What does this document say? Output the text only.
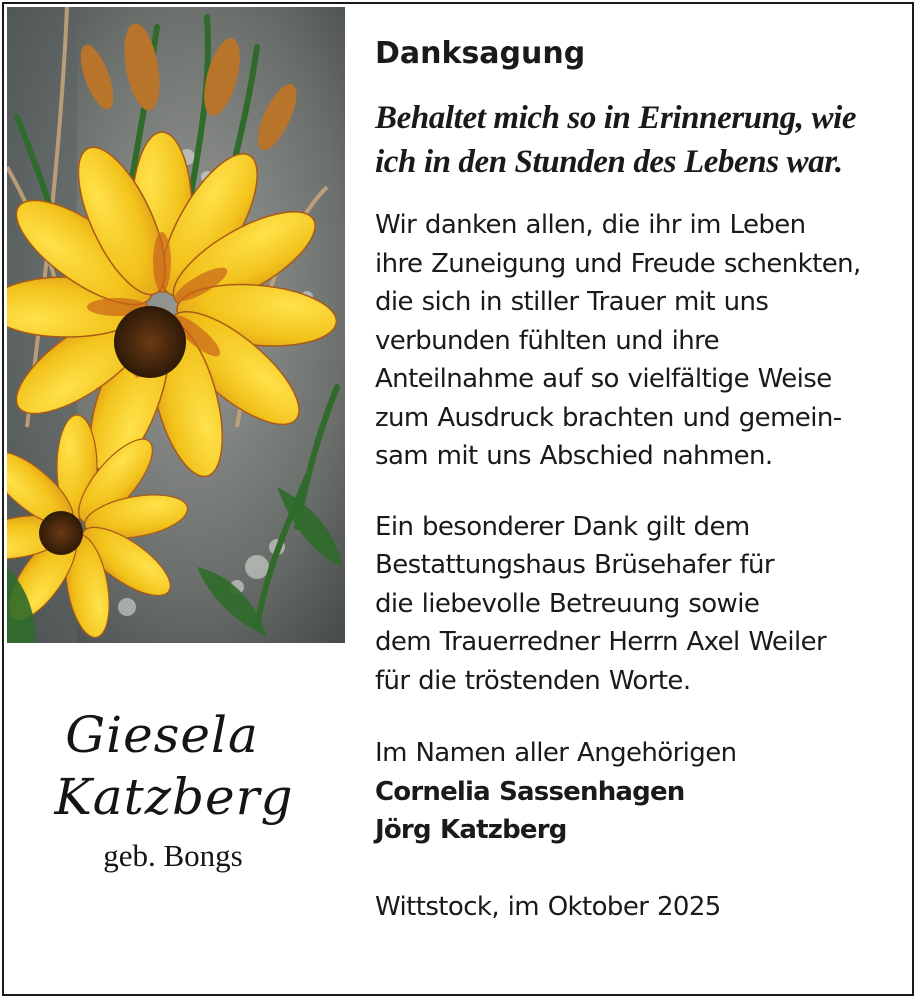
Giesela
Katzberg
geb. Bongs
Danksagung
Behaltet mich so in Erinnerung, wie
ich in den Stunden des Lebens war.
Wir danken allen, die ihr im Leben
ihre Zuneigung und Freude schenkten,
die sich in stiller Trauer mit uns
verbunden fühlten und ihre
Anteilnahme auf so vielfältige Weise
zum Ausdruck brachten und gemein-
sam mit uns Abschied nahmen.
Ein besonderer Dank gilt dem
Bestattungshaus Brüsehafer für
die liebevolle Betreuung sowie
dem Trauerredner Herrn Axel Weiler
für die tröstenden Worte.
Im Namen aller Angehörigen
Cornelia Sassenhagen
Jörg Katzberg
Wittstock, im Oktober 2025
